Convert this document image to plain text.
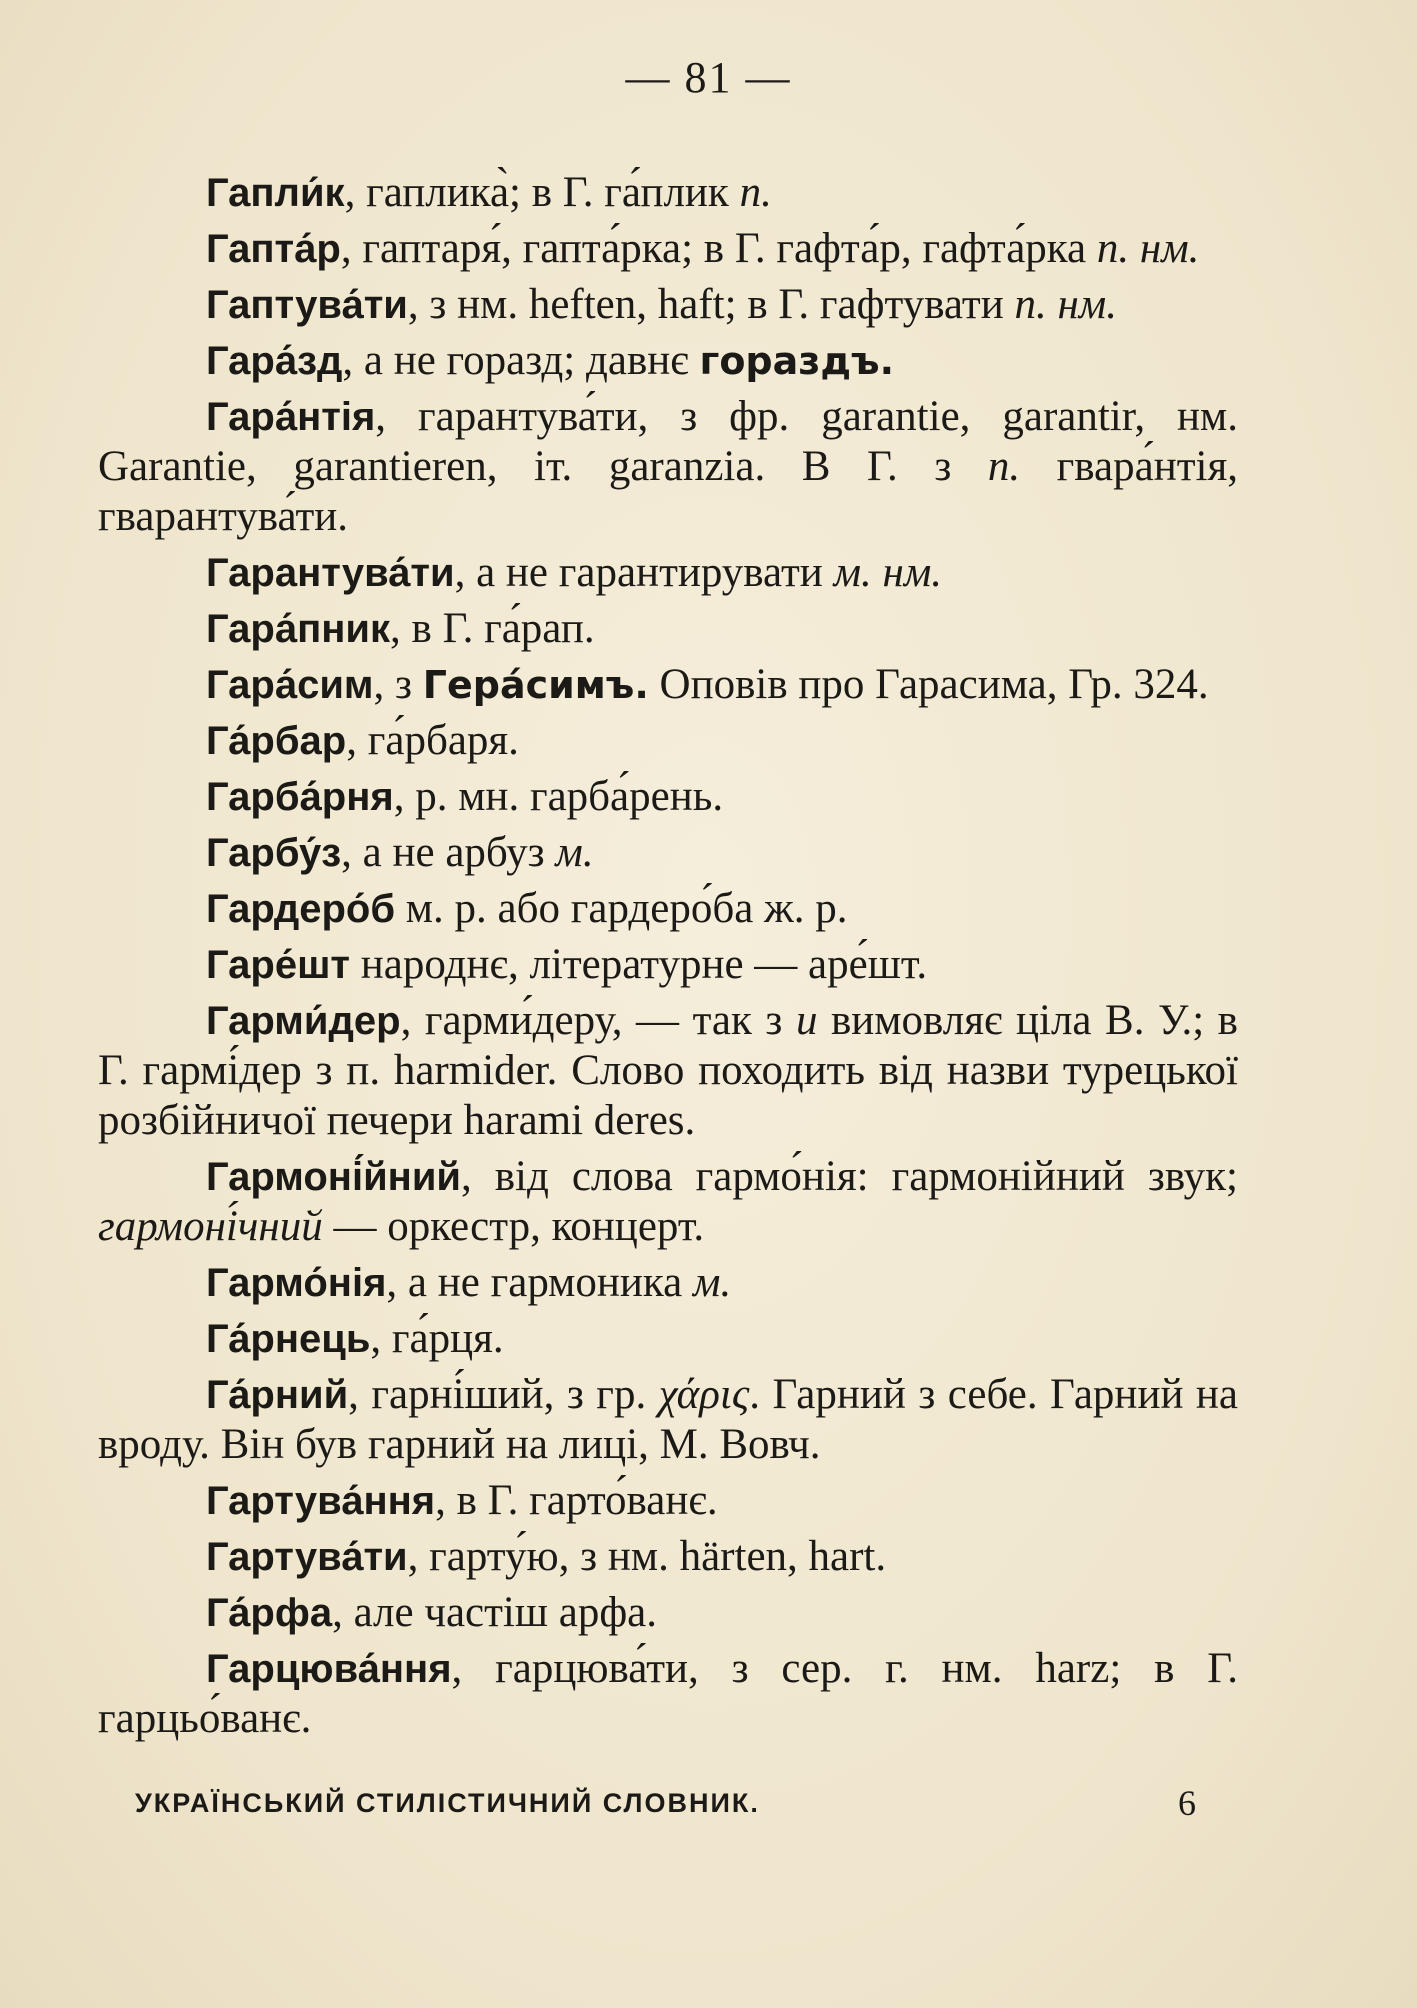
— 81 —

Гапли́к, гаплика̀; в Г. га́плик п.

Гапта́р, гаптаря́, гапта́рка; в Г. гафта́р, гафта́рка п. нм.

Гаптува́ти, з нм. heften, haft; в Г. гафтувати п. нм.

Гара́зд, а не горазд; давнє гораздъ.

Гара́нтія, гарантува́ти, з фр. garantie, garantir, нм. Garantie, garantieren, іт. garanzia. В Г. з п. гвара́нтія, гварантува́ти.

Гарантува́ти, а не гарантирувати м. нм.

Гара́пник, в Г. га́рап.

Гара́сим, з Гера́симъ. Оповів про Гарасима, Гр. 324.

Га́рбар, га́рбаря.

Гарба́рня, р. мн. гарба́рень.

Гарбу́з, а не арбуз м.

Гардеро́б м. р. або гардеро́ба ж. р.

Гаре́шт народнє, літературне — аре́шт.

Гарми́дер, гарми́деру, — так з и вимовляє ціла В. У.; в Г. гармі́дер з п. harmider. Слово походить від назви турецької розбійничої печери harami deres.

Гармоні́йний, від слова гармо́нія: гармонійний звук; гармоні́чний — оркестр, концерт.

Гармо́нія, а не гармоника м.

Га́рнець, га́рця.

Га́рний, гарні́ший, з гр. χάρις. Гарний з себе. Гарний на вроду. Він був гарний на лиці, М. Вовч.

Гартува́ння, в Г. гарто́ванє.

Гартува́ти, гарту́ю, з нм. härten, hart.

Га́рфа, але частіш арфа.

Гарцюва́ння, гарцюва́ти, з сер. г. нм. harz; в Г. гарцьо́ванє.

УКРАЇНСЬКИЙ СТИЛІСТИЧНИЙ СЛОВНИК.	6
